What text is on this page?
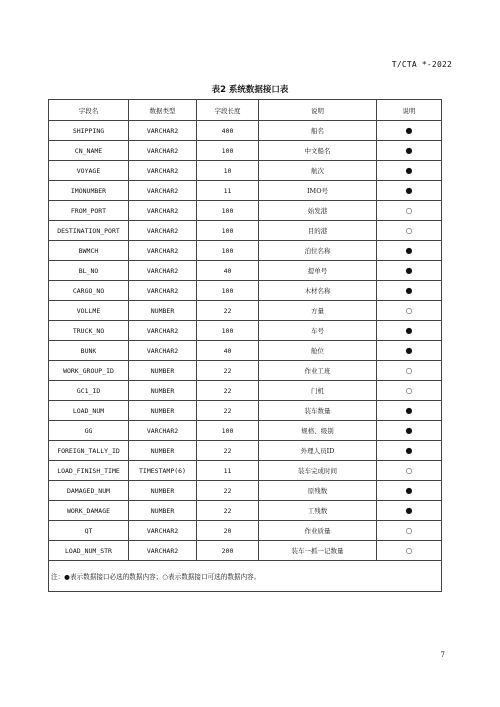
T/CTA *-2022
表2 系统数据接口表
字段名	数据类型	字段长度	说明	说明
SHIPPING	VARCHAR2	400	船名	●
CN_NAME	VARCHAR2	100	中文船名	●
VOYAGE	VARCHAR2	10	航次	●
IMONUMBER	VARCHAR2	11	IMO号	●
FROM_PORT	VARCHAR2	100	始发港	○
DESTINATION_PORT	VARCHAR2	100	目的港	○
BWMCH	VARCHAR2	100	泊位名称	●
BL_NO	VARCHAR2	40	提单号	●
CARGO_NO	VARCHAR2	100	木材名称	●
VOLLME	NUMBER	22	方量	○
TRUCK_NO	VARCHAR2	100	车号	●
BUNK	VARCHAR2	40	舱位	●
WORK_GROUP_ID	NUMBER	22	作业工班	○
GC1_ID	NUMBER	22	门机	○
LOAD_NUM	NUMBER	22	装车数量	●
GG	VARCHAR2	100	规格、级别	●
FOREIGN_TALLY_ID	NUMBER	22	外理人员ID	●
LOAD_FINISH_TIME	TIMESTAMP(6)	11	装车完成时间	○
DAMAGED_NUM	NUMBER	22	原残数	●
WORK_DAMAGE	NUMBER	22	工残数	●
QT	VARCHAR2	20	作业质量	○
LOAD_NUM_STR	VARCHAR2	200	装车一抓一记数量	○
注：●表示数据接口必选的数据内容；○表示数据接口可选的数据内容。				
7
